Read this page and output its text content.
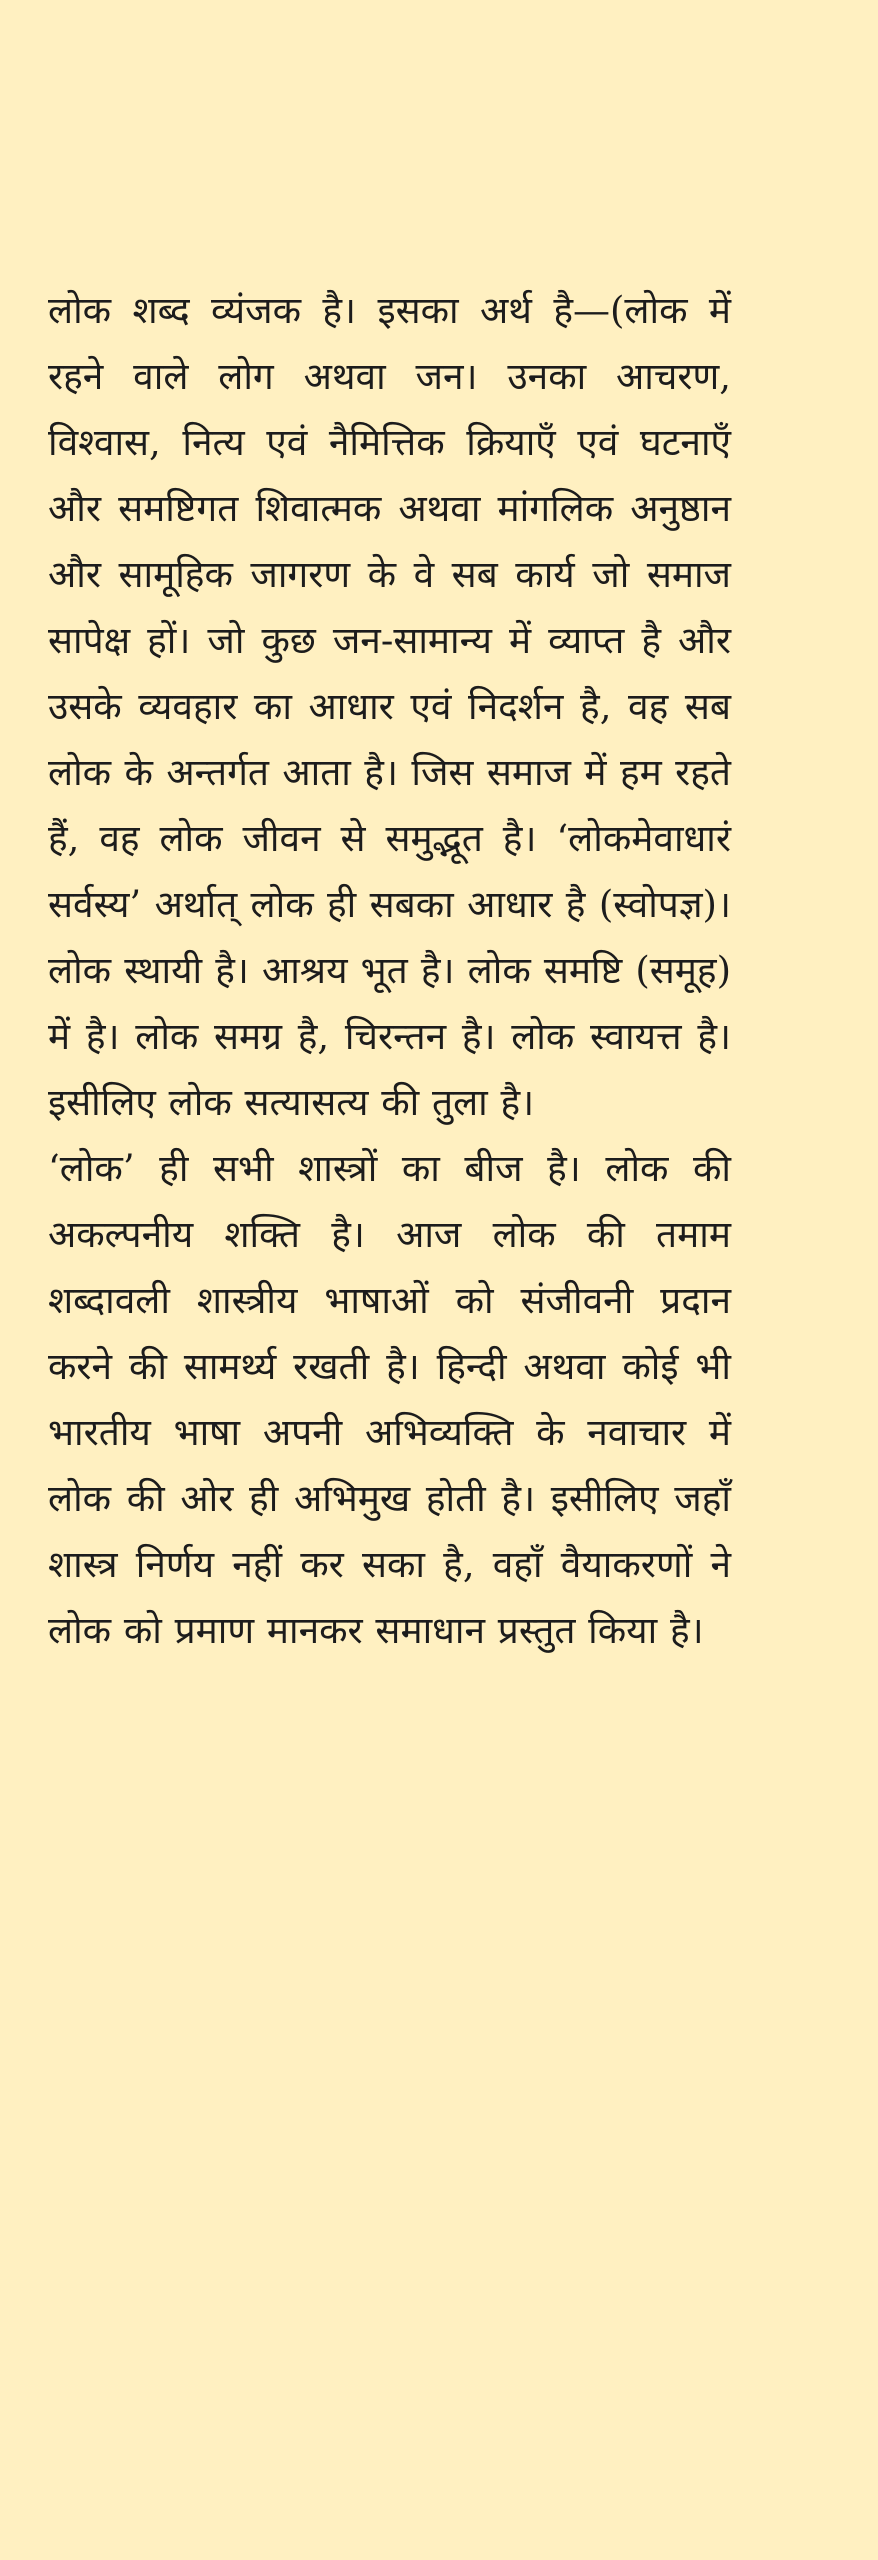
लोक शब्द व्यंजक है। इसका अर्थ है—(लोक में रहने वाले लोग अथवा जन। उनका आचरण, विश्वास, नित्य एवं नैमित्तिक क्रियाएँ एवं घटनाएँ और समष्टिगत शिवात्मक अथवा मांगलिक अनुष्ठान और सामूहिक जागरण के वे सब कार्य जो समाज सापेक्ष हों। जो कुछ जन-सामान्य में व्याप्त है और उसके व्यवहार का आधार एवं निदर्शन है, वह सब लोक के अन्तर्गत आता है। जिस समाज में हम रहते हैं, वह लोक जीवन से समुद्भूत है। ‘लोकमेवाधारं सर्वस्य’ अर्थात् लोक ही सबका आधार है (स्वोपज्ञ)। लोक स्थायी है। आश्रय भूत है। लोक समष्टि (समूह) में है। लोक समग्र है, चिरन्तन है। लोक स्वायत्त है। इसीलिए लोक सत्यासत्य की तुला है।

‘लोक’ ही सभी शास्त्रों का बीज है। लोक की अकल्पनीय शक्ति है। आज लोक की तमाम शब्दावली शास्त्रीय भाषाओं को संजीवनी प्रदान करने की सामर्थ्य रखती है। हिन्दी अथवा कोई भी भारतीय भाषा अपनी अभिव्यक्ति के नवाचार में लोक की ओर ही अभिमुख होती है। इसीलिए जहाँ शास्त्र निर्णय नहीं कर सका है, वहाँ वैयाकरणों ने लोक को प्रमाण मानकर समाधान प्रस्तुत किया है।
